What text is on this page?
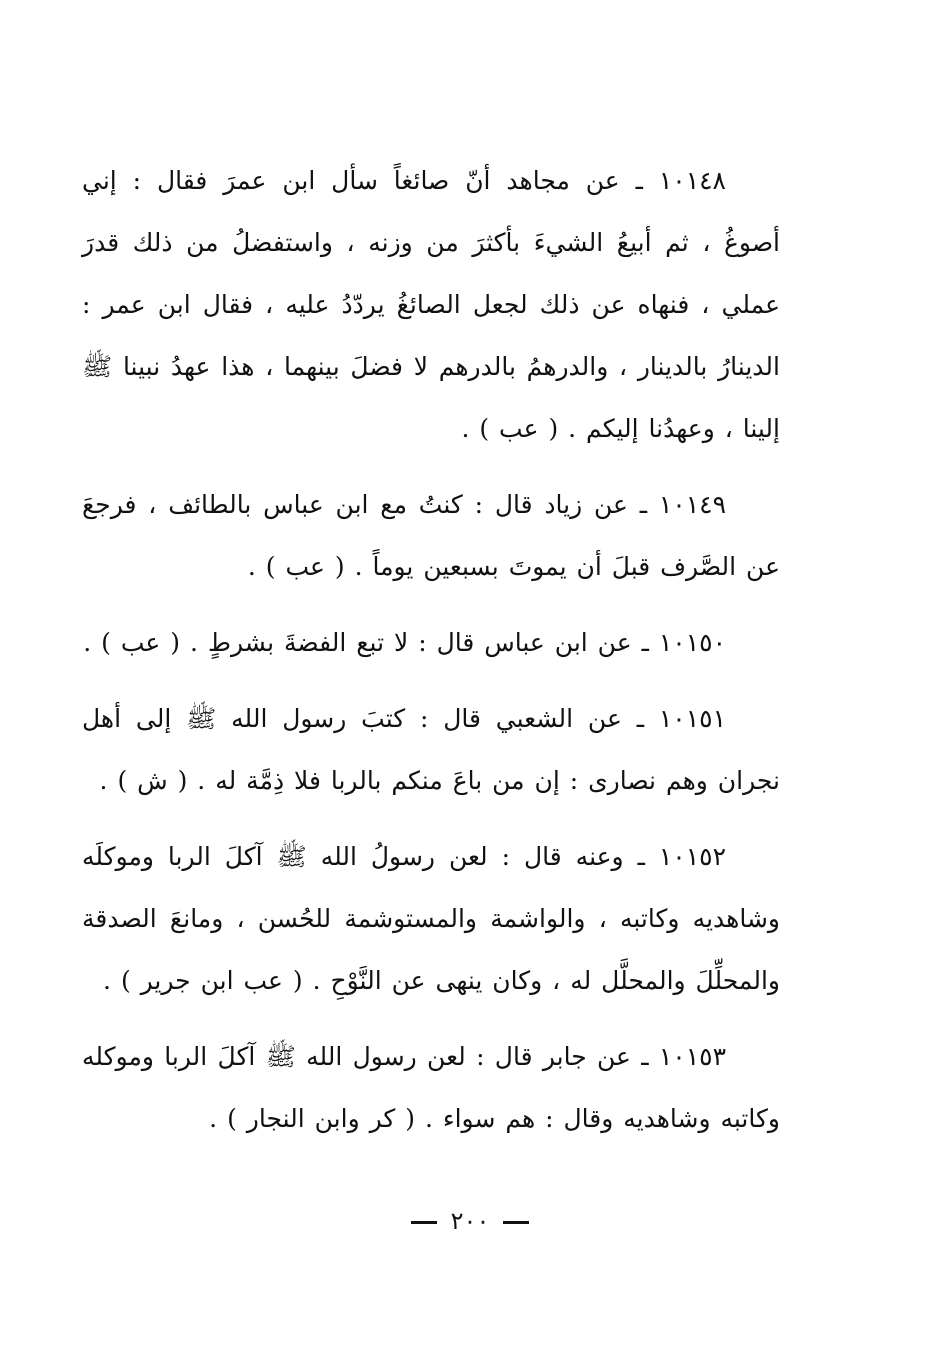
١٠١٤٨ ـ عن مجاهد أنّ صائغاً سأل ابن عمرَ فقال : إني أصوغُ ، ثم أبيعُ الشيءَ بأكثرَ من وزنه ، واستفضلُ من ذلك قدرَ عملي ، فنهاه عن ذلك لجعل الصائغُ يردّدُ عليه ، فقال ابن عمر : الدينارُ بالدينار ، والدرهمُ بالدرهم لا فضلَ بينهما ، هذا عهدُ نبينا ﷺ إلينا ، وعهدُنا إليكم . ( عب ) .

١٠١٤٩ ـ عن زياد قال : كنتُ مع ابن عباس بالطائف ، فرجعَ عن الصَّرف قبلَ أن يموتَ بسبعين يوماً . ( عب ) .

١٠١٥٠ ـ عن ابن عباس قال : لا تبع الفضةَ بشرطٍ . ( عب ) .

١٠١٥١ ـ عن الشعبي قال : كتبَ رسول الله ﷺ إلى أهل نجران وهم نصارى : إن من باعَ منكم بالربا فلا ذِمَّة له . ( ش ) .

١٠١٥٢ ـ وعنه قال : لعن رسولُ الله ﷺ آكلَ الربا وموكلَه وشاهديه وكاتبه ، والواشمة والمستوشمة للحُسن ، ومانعَ الصدقة والمحلِّلَ والمحلَّل له ، وكان ينهى عن النَّوْحِ . ( عب ابن جرير ) .

١٠١٥٣ ـ عن جابر قال : لعن رسول الله ﷺ آكلَ الربا وموكله وكاتبه وشاهديه وقال : هم سواء . ( كر وابن النجار ) .

٢٠٠
